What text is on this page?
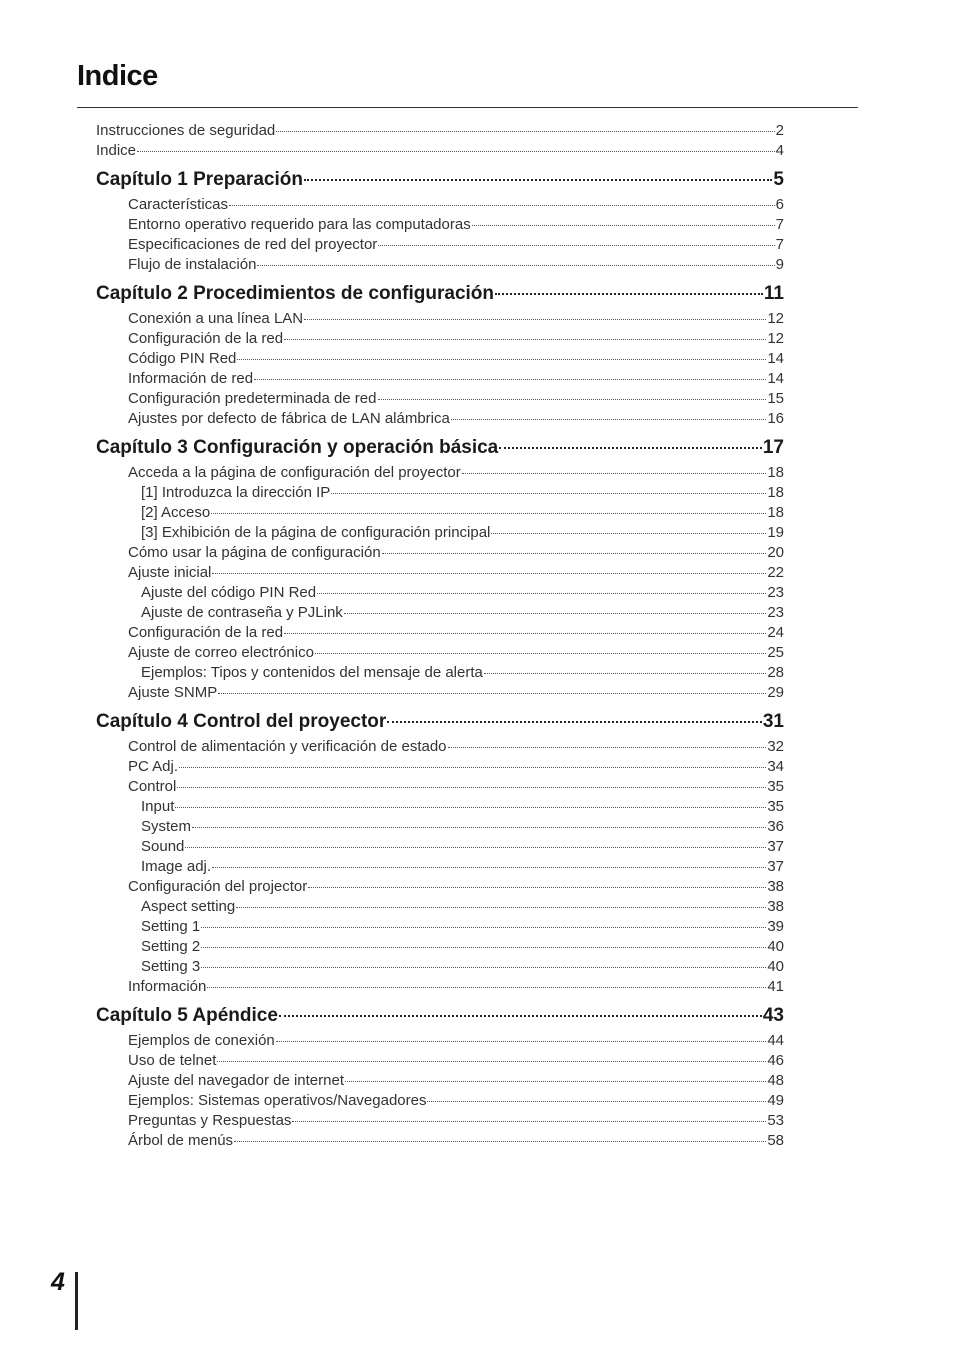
Indice
Instrucciones de seguridad	2
Indice	4
Capítulo 1 Preparación	5
Características	6
Entorno operativo requerido para las computadoras	7
Especificaciones de red del proyector	7
Flujo de instalación	9
Capítulo 2 Procedimientos de configuración	11
Conexión a una línea LAN	12
Configuración de la red	12
Código PIN Red	14
Información de red	14
Configuración predeterminada de red	15
Ajustes por defecto de fábrica de LAN alámbrica	16
Capítulo 3 Configuración y operación básica	17
Acceda a la página de configuración del proyector	18
[1] Introduzca la dirección IP	18
[2] Acceso	18
[3] Exhibición de la página de configuración principal	19
Cómo usar la página de configuración	20
Ajuste inicial	22
Ajuste del código PIN Red	23
Ajuste de contraseña y PJLink	23
Configuración de la red	24
Ajuste de correo electrónico	25
Ejemplos: Tipos y contenidos del mensaje de alerta	28
Ajuste SNMP	29
Capítulo 4 Control del proyector	31
Control de alimentación y verificación de estado	32
PC Adj.	34
Control	35
Input	35
System	36
Sound	37
Image adj.	37
Configuración del projector	38
Aspect setting	38
Setting 1	39
Setting 2	40
Setting 3	40
Información	41
Capítulo 5 Apéndice	43
Ejemplos de conexión	44
Uso de telnet	46
Ajuste del navegador de internet	48
Ejemplos: Sistemas operativos/Navegadores	49
Preguntas y Respuestas	53
Árbol de menús	58
4
